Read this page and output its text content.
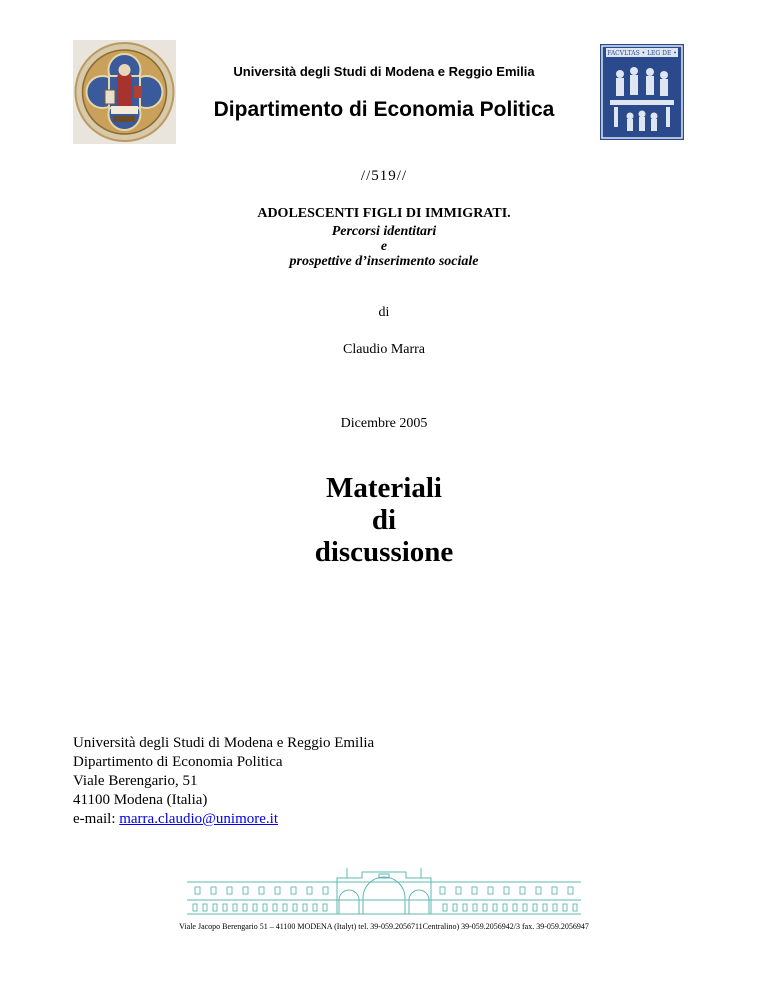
FACVLTAS • LEG DE •
Università degli Studi di Modena e Reggio Emilia
Dipartimento di Economia Politica
//519//
ADOLESCENTI FIGLI DI IMMIGRATI.
Percorsi identitari
e
prospettive d’inserimento sociale
di
Claudio Marra
Dicembre 2005
Materiali
di
discussione
Università degli Studi di Modena e Reggio Emilia
Dipartimento di Economia Politica
Viale Berengario, 51
41100 Modena (Italia)
e-mail: marra.claudio@unimore.it
Viale Jacopo Berengario 51 – 41100 MODENA (Italyt) tel. 39-059.2056711Centralino) 39-059.2056942/3 fax. 39-059.2056947
